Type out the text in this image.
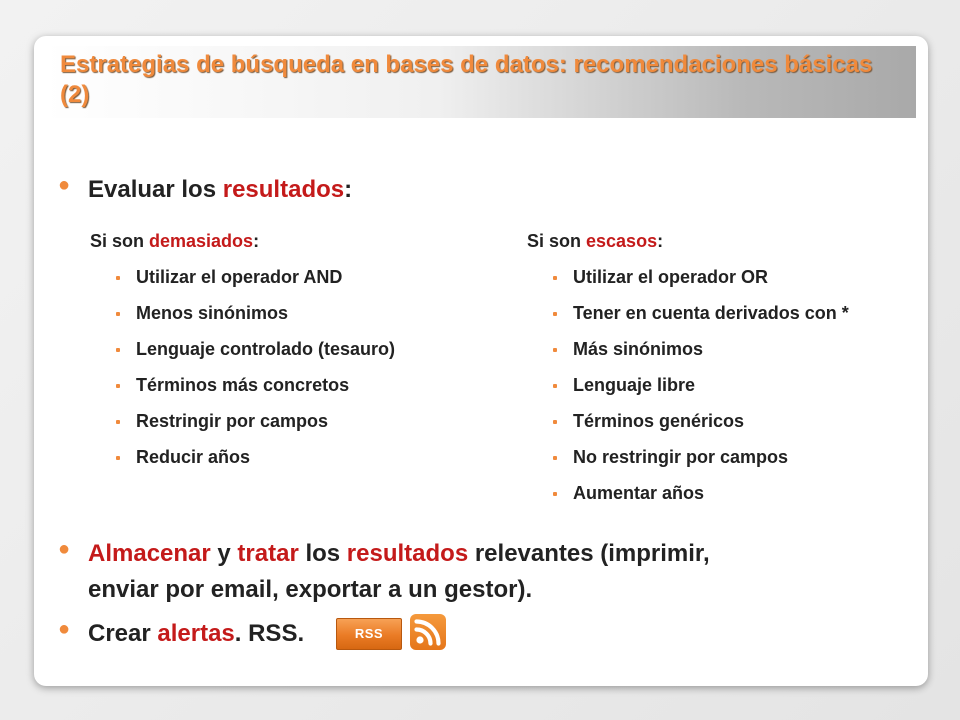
Estrategias de búsqueda en bases de datos: recomendaciones básicas (2)
● Evaluar los resultados:
Si son demasiados:
Utilizar el operador AND
Menos sinónimos
Lenguaje controlado (tesauro)
Términos más concretos
Restringir por campos
Reducir años
Si son escasos:
Utilizar el operador OR
Tener en cuenta derivados con *
Más sinónimos
Lenguaje libre
Términos genéricos
No restringir por campos
Aumentar años
● Almacenar y tratar los resultados relevantes (imprimir,
enviar por email, exportar a un gestor).
● Crear alertas. RSS.	RSS
